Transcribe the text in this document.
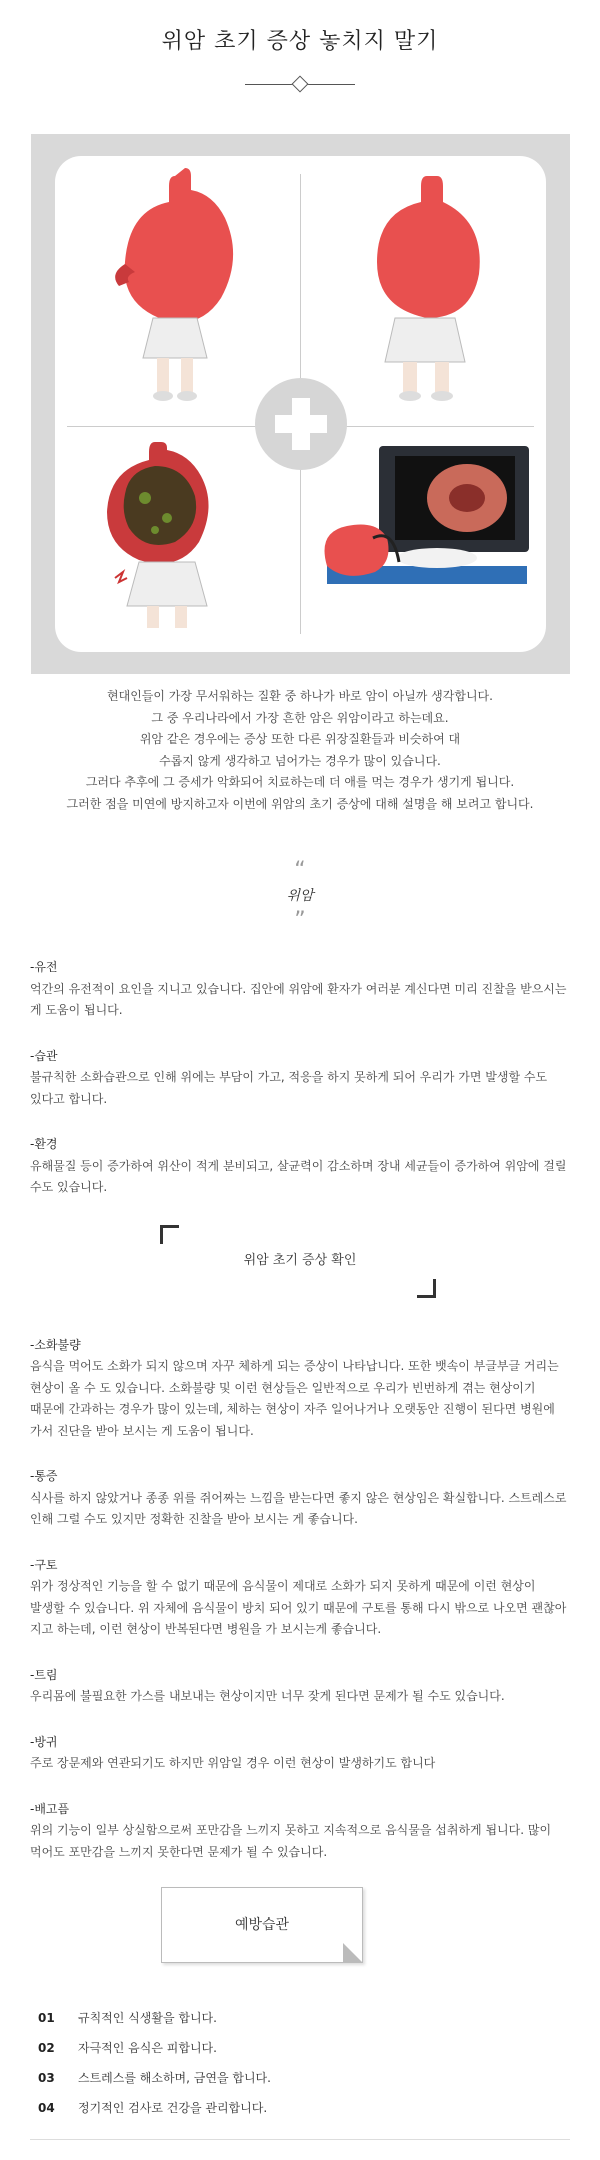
위암 초기 증상 놓치지 말기
현대인들이 가장 무서워하는 질환 중 하나가 바로 암이 아닐까 생각합니다.
그 중 우리나라에서 가장 흔한 암은 위암이라고 하는데요.
위암 같은 경우에는 증상 또한 다른 위장질환들과 비슷하여 대
수롭지 않게 생각하고 넘어가는 경우가 많이 있습니다.
그러다 추후에 그 증세가 악화되어 치료하는데 더 애를 먹는 경우가 생기게 됩니다.
그러한 점을 미연에 방지하고자 이번에 위암의 초기 증상에 대해 설명을 해 보려고 합니다.
“
위암
”
-유전
억간의 유전적이 요인을 지니고 있습니다. 집안에 위암에 환자가 여러분 계신다면 미리 진찰을 받으시는 게 도움이 됩니다.
-습관
불규칙한 소화습관으로 인해 위에는 부담이 가고, 적응을 하지 못하게 되어 우리가 가면 발생할 수도 있다고 합니다.
-환경
유해물질 등이 증가하여 위산이 적게 분비되고, 살균력이 감소하며 장내 세균들이 증가하여 위암에 걸릴 수도 있습니다.
위암 초기 증상 확인
-소화불량
음식을 먹어도 소화가 되지 않으며 자꾸 체하게 되는 증상이 나타납니다. 또한 뱃속이 부글부글 거리는 현상이 올 수 도 있습니다. 소화불량 및 이런 현상들은 일반적으로 우리가 빈번하게 겪는 현상이기 때문에 간과하는 경우가 많이 있는데, 체하는 현상이 자주 일어나거나 오랫동안 진행이 된다면 병원에 가서 진단을 받아 보시는 게 도움이 됩니다.
-통증
식사를 하지 않았거나 종종 위를 쥐어짜는 느낌을 받는다면 좋지 않은 현상임은 확실합니다. 스트레스로 인해 그럴 수도 있지만 정확한 진찰을 받아 보시는 게 좋습니다.
-구토
위가 정상적인 기능을 할 수 없기 때문에 음식물이 제대로 소화가 되지 못하게 때문에 이런 현상이 발생할 수 있습니다. 위 자체에 음식물이 방치 되어 있기 때문에 구토를 통해 다시 밖으로 나오면 괜찮아 지고 하는데, 이런 현상이 반복된다면 병원을 가 보시는게 좋습니다.
-트림
우리몸에 불필요한 가스를 내보내는 현상이지만 너무 잦게 된다면 문제가 될 수도 있습니다.
-방귀
주로 장문제와 연관되기도 하지만 위암일 경우 이런 현상이 발생하기도 합니다
-배고픔
위의 기능이 일부 상실함으로써 포만감을 느끼지 못하고 지속적으로 음식물을 섭취하게 됩니다. 많이 먹어도 포만감을 느끼지 못한다면 문제가 될 수 있습니다.
예방습관
01 규칙적인 식생활을 합니다.
02 자극적인 음식은 피합니다.
03 스트레스를 해소하며, 금연을 합니다.
04 정기적인 검사로 건강을 관리합니다.
